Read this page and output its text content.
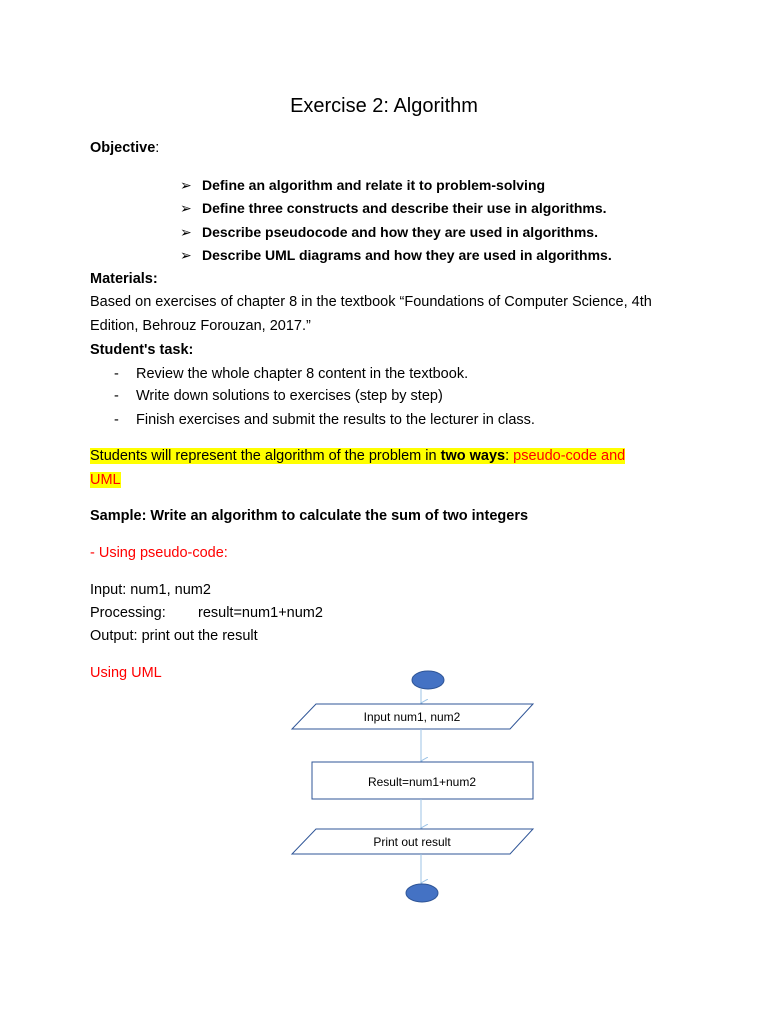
Exercise 2: Algorithm
Objective:
➢ Define an algorithm and relate it to problem-solving
➢ Define three constructs and describe their use in algorithms.
➢ Describe pseudocode and how they are used in algorithms.
➢ Describe UML diagrams and how they are used in algorithms.
Materials:
Based on exercises of chapter 8 in the textbook “Foundations of Computer Science, 4th
Edition, Behrouz Forouzan, 2017.”
Student's task:
- Review the whole chapter 8 content in the textbook.
- Write down solutions to exercises (step by step)
- Finish exercises and submit the results to the lecturer in class.
Students will represent the algorithm of the problem in two ways: pseudo-code and
UML
Sample: Write an algorithm to calculate the sum of two integers
- Using pseudo-code:
Input: num1, num2
Processing: result=num1+num2
Output: print out the result
Using UML
Input num1, num2
Result=num1+num2
Print out result
